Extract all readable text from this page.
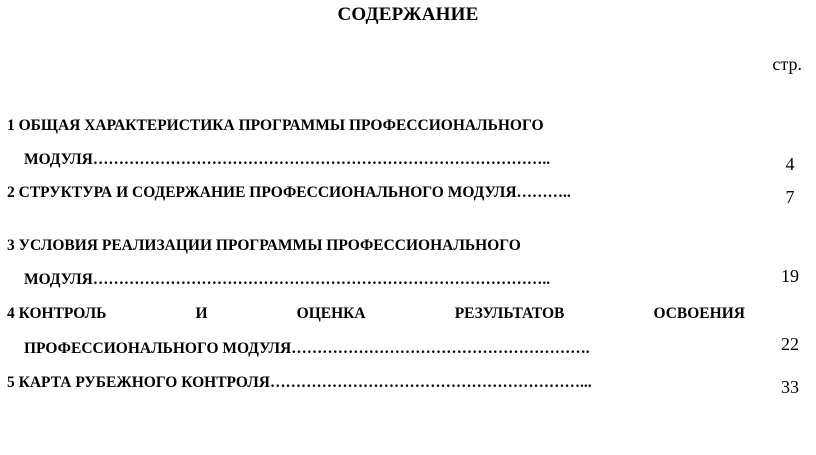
СОДЕРЖАНИЕ
стр.
1 ОБЩАЯ ХАРАКТЕРИСТИКА ПРОГРАММЫ ПРОФЕССИОНАЛЬНОГО
МОДУЛЯ……………………………………………………………………………..	4
2 СТРУКТУРА И СОДЕРЖАНИЕ ПРОФЕССИОНАЛЬНОГО МОДУЛЯ………..	7
3 УСЛОВИЯ РЕАЛИЗАЦИИ ПРОГРАММЫ ПРОФЕССИОНАЛЬНОГО
МОДУЛЯ……………………………………………………………………………..	19
4 КОНТРОЛЬ	И	ОЦЕНКА	РЕЗУЛЬТАТОВ	ОСВОЕНИЯ
ПРОФЕССИОНАЛЬНОГО МОДУЛЯ………………………………………………….	22
5 КАРТА РУБЕЖНОГО КОНТРОЛЯ……………………………………………………...	33
